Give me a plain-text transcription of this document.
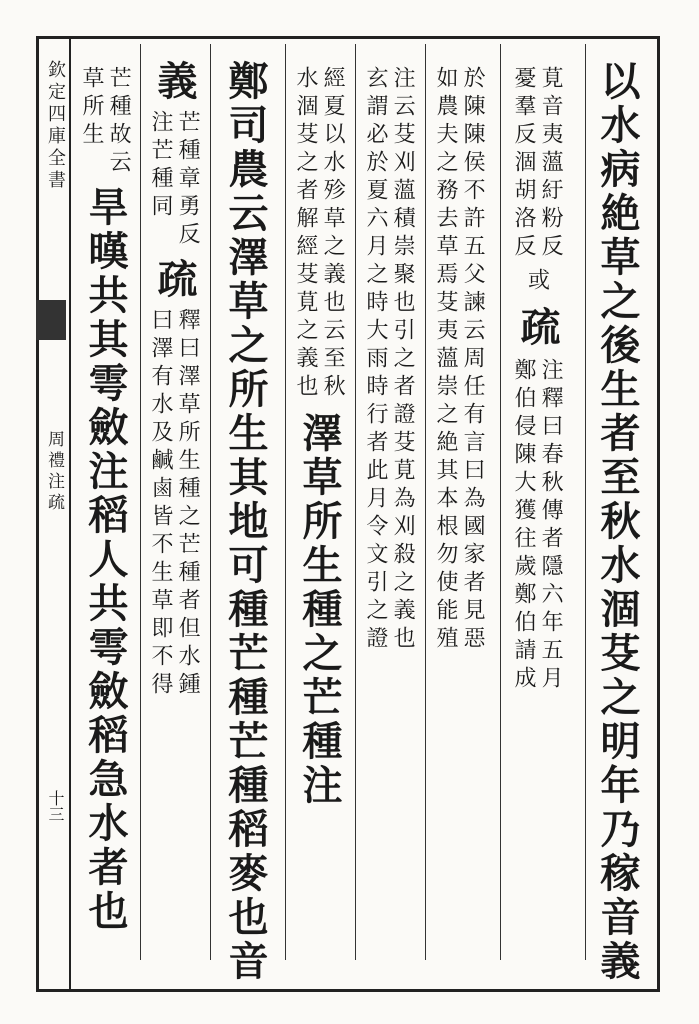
欽定四庫全書
周禮注疏
十三	以水病絶草之後生者至秋水涸芟之明年乃稼音義
莧音夷薀紆粉反
憂羣反涸胡洛反
或
疏
注釋曰春秋傳者隱六年五月
鄭伯侵陳大獲往歲鄭伯請成
於陳陳侯不許五父諫云周任有言曰為國家者見惡
如農夫之務去草焉芟夷薀崇之絶其本根勿使能殖
注云芟刈薀積崇聚也引之者證芟莧為刈殺之義也
玄謂必於夏六月之時大雨時行者此月令文引之證
經夏以水殄草之義也云至秋
水涸芟之者解經芟莧之義也
澤草所生種之芒種注
鄭司農云澤草之所生其地可種芒種芒種稻麥也音
義
芒種章勇反
注芒種同
疏
釋曰澤草所生種之芒種者但水鍾
曰澤有水及鹹鹵皆不生草即不得
芒種故云
草所生
旱暵共其雩斂注稻人共雩斂稻急水者也
